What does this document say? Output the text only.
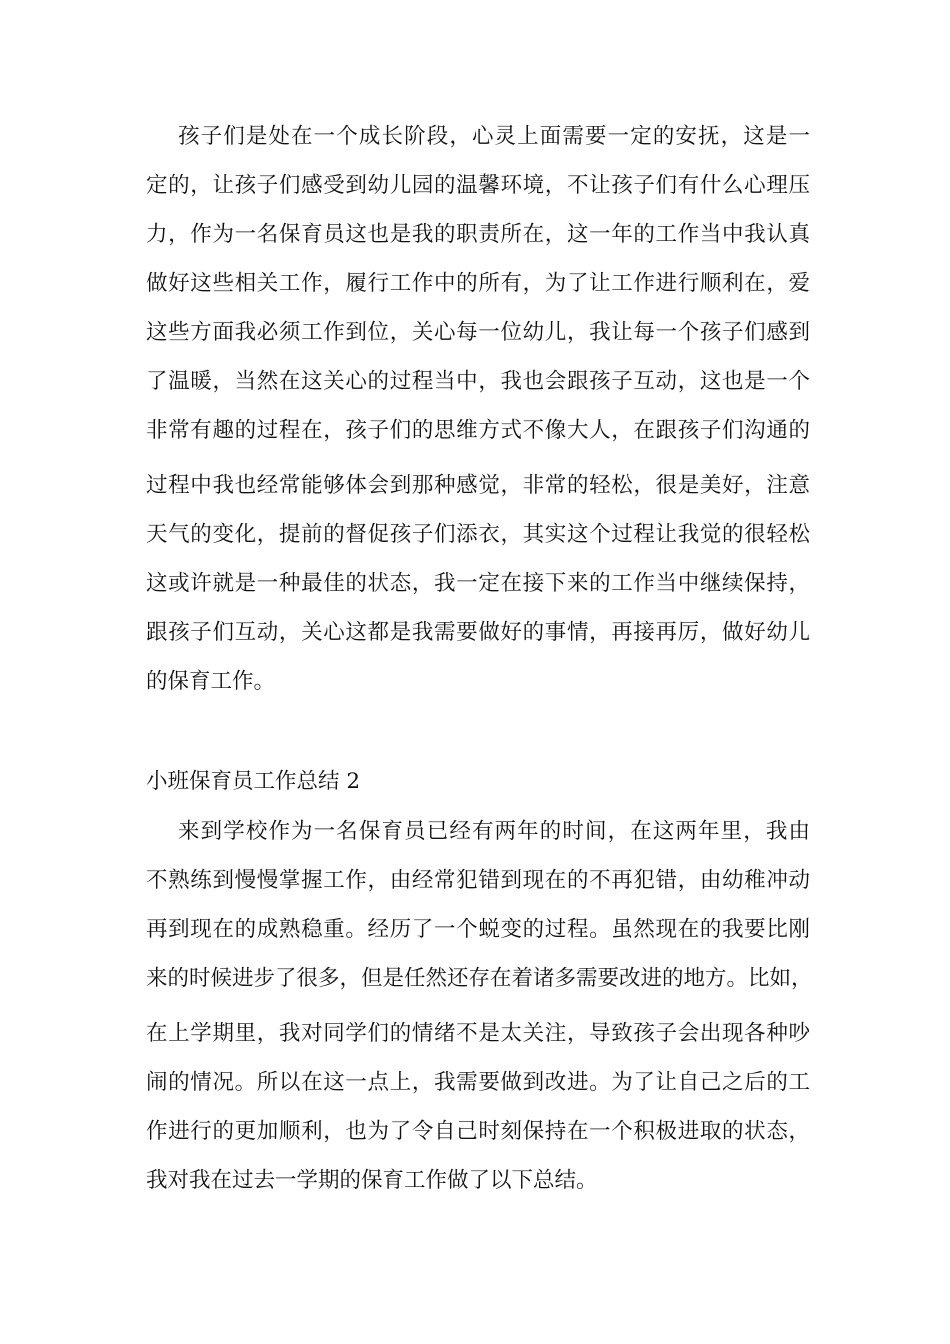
孩子们是处在一个成长阶段，心灵上面需要一定的安抚，这是一
定的，让孩子们感受到幼儿园的温馨环境，不让孩子们有什么心理压
力，作为一名保育员这也是我的职责所在，这一年的工作当中我认真
做好这些相关工作，履行工作中的所有，为了让工作进行顺利在，爱
这些方面我必须工作到位，关心每一位幼儿，我让每一个孩子们感到
了温暖，当然在这关心的过程当中，我也会跟孩子互动，这也是一个
非常有趣的过程在，孩子们的思维方式不像大人，在跟孩子们沟通的
过程中我也经常能够体会到那种感觉，非常的轻松，很是美好，注意
天气的变化，提前的督促孩子们添衣，其实这个过程让我觉的很轻松
这或许就是一种最佳的状态，我一定在接下来的工作当中继续保持，
跟孩子们互动，关心这都是我需要做好的事情，再接再厉，做好幼儿
的保育工作。
小班保育员工作总结 2
来到学校作为一名保育员已经有两年的时间，在这两年里，我由
不熟练到慢慢掌握工作，由经常犯错到现在的不再犯错，由幼稚冲动
再到现在的成熟稳重。经历了一个蜕变的过程。虽然现在的我要比刚
来的时候进步了很多，但是任然还存在着诸多需要改进的地方。比如，
在上学期里，我对同学们的情绪不是太关注，导致孩子会出现各种吵
闹的情况。所以在这一点上，我需要做到改进。为了让自己之后的工
作进行的更加顺利，也为了令自己时刻保持在一个积极进取的状态，
我对我在过去一学期的保育工作做了以下总结。
